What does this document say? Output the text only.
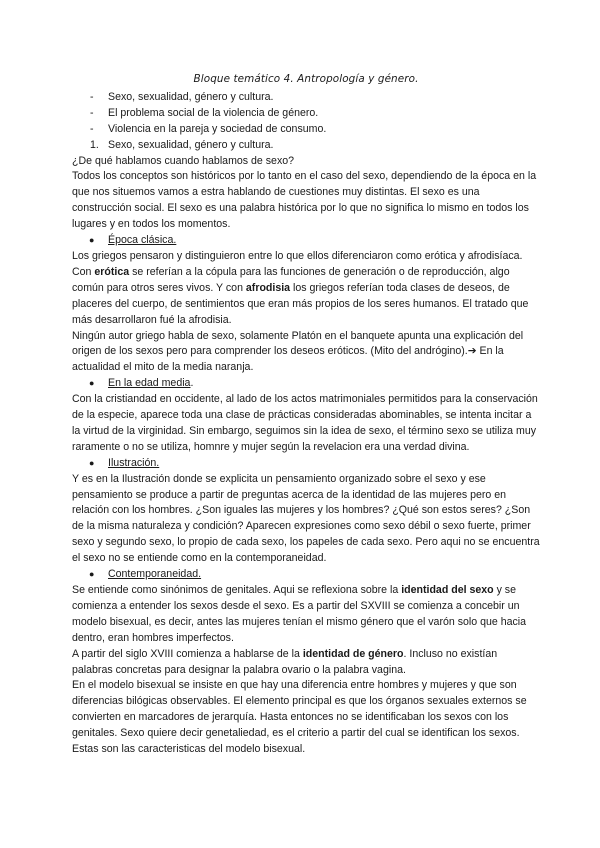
Bloque temático 4. Antropología y género.
- Sexo, sexualidad, género y cultura.
- El problema social de la violencia de género.
- Violencia en la pareja y sociedad de consumo.
1. Sexo, sexualidad, género y cultura.

¿De qué hablamos cuando hablamos de sexo?

Todos los conceptos son históricos por lo tanto en el caso del sexo, dependiendo de la época en la que nos situemos vamos a estra hablando de cuestiones muy distintas. El sexo es una construcción social. El sexo es una palabra histórica por lo que no significa lo mismo en todos los lugares y en todos los momentos.

● Época clásica.

Los griegos pensaron y distinguieron entre lo que ellos diferenciaron como erótica y afrodisíaca. Con erótica se referían a la cópula para las funciones de generación o de reproducción, algo común para otros seres vivos. Y con afrodisia los griegos referían toda clases de deseos, de placeres del cuerpo, de sentimientos que eran más propios de los seres humanos. El tratado que más desarrollaron fué la afrodisia.

Ningún autor griego habla de sexo, solamente Platón en el banquete apunta una explicación del origen de los sexos pero para comprender los deseos eróticos. (Mito del andrógino).➔ En la actualidad el mito de la media naranja.

● En la edad media.

Con la cristiandad en occidente, al lado de los actos matrimoniales permitidos para la conservación de la especie, aparece toda una clase de prácticas consideradas abominables, se intenta incitar a la virtud de la virginidad. Sin embargo, seguimos sin la idea de sexo, el término sexo se utiliza muy raramente o no se utiliza, homnre y mujer según la revelacion era una verdad divina.

● Ilustración.

Y es en la Ilustración donde se explicita un pensamiento organizado sobre el sexo y ese pensamiento se produce a partir de preguntas acerca de la identidad de las mujeres pero en relación con los hombres. ¿Son iguales las mujeres y los hombres? ¿Qué son estos seres? ¿Son de la misma naturaleza y condición? Aparecen expresiones como sexo débil o sexo fuerte, primer sexo y segundo sexo, lo propio de cada sexo, los papeles de cada sexo. Pero aqui no se encuentra el sexo no se entiende como en la contemporaneidad.

● Contemporaneidad.

Se entiende como sinónimos de genitales. Aqui se reflexiona sobre la identidad del sexo y se comienza a entender los sexos desde el sexo. Es a partir del SXVIII se comienza a concebir un modelo bisexual, es decir, antes las mujeres tenían el mismo género que el varón solo que hacia dentro, eran hombres imperfectos.

A partir del siglo XVIII comienza a hablarse de la identidad de género. Incluso no existían palabras concretas para designar la palabra ovario o la palabra vagina.

En el modelo bisexual se insiste en que hay una diferencia entre hombres y mujeres y que son diferencias bilógicas observables. El elemento principal es que los órganos sexuales externos se convierten en marcadores de jerarquía. Hasta entonces no se identificaban los sexos con los genitales. Sexo quiere decir genetaliedad, es el criterio a partir del cual se identifican los sexos.

Estas son las caracteristicas del modelo bisexual.
